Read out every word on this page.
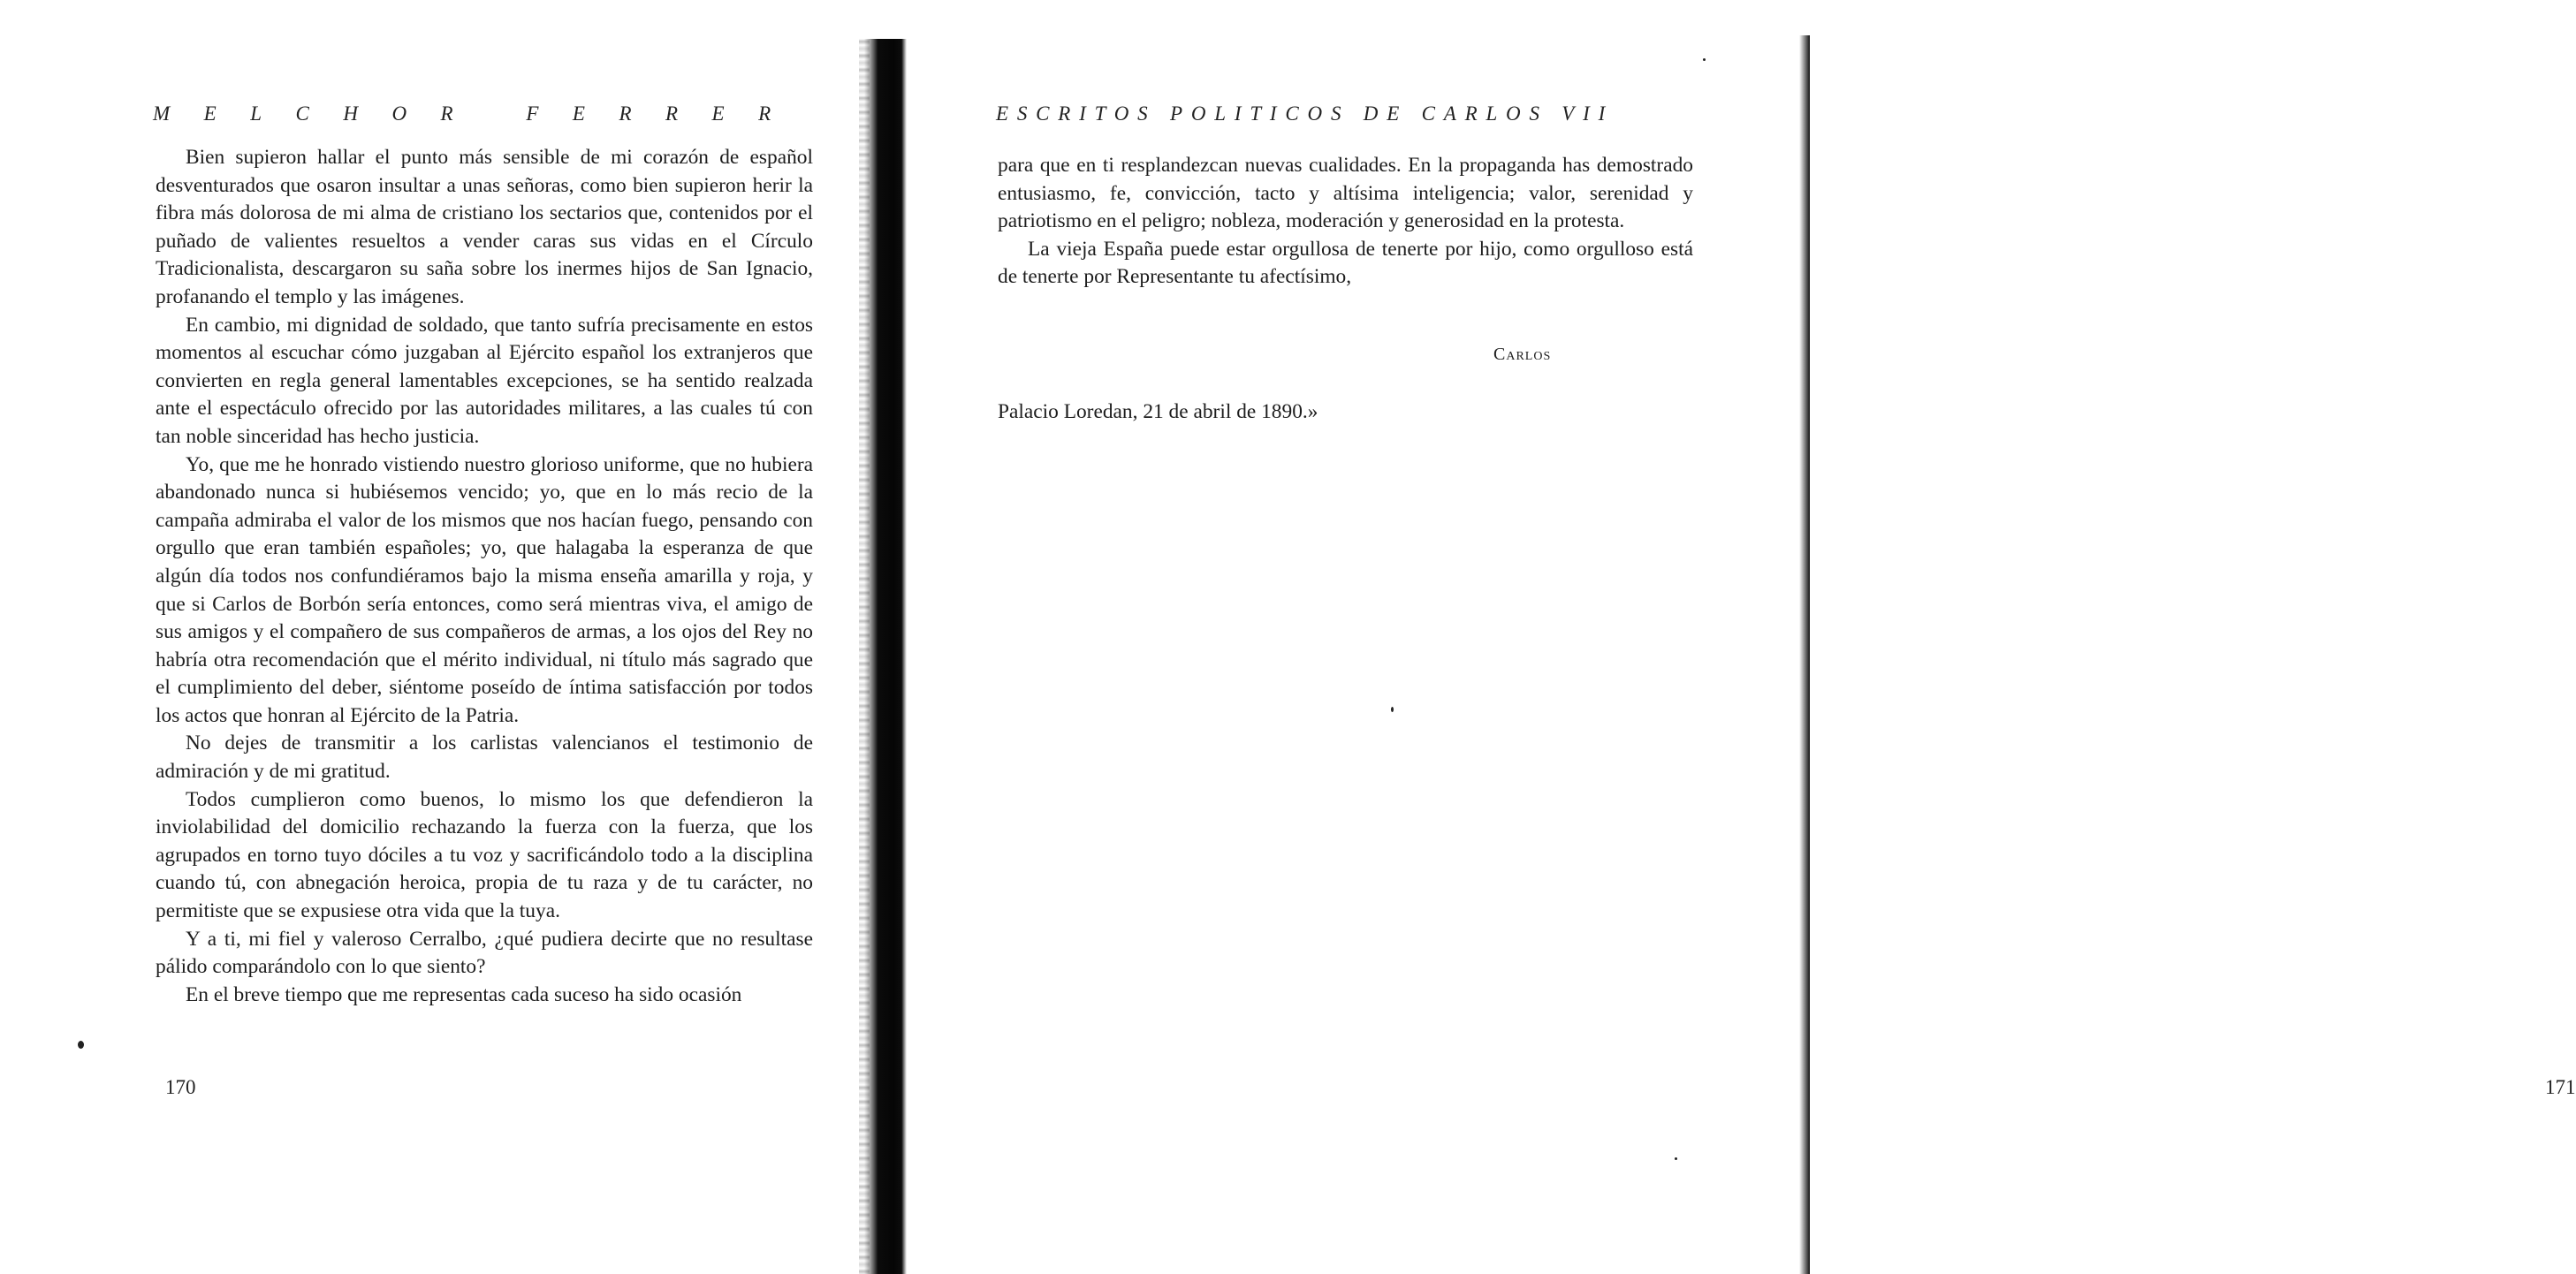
MELCHOR FERRER

Bien supieron hallar el punto más sensible de mi corazón de español desventurados que osaron insultar a unas señoras, como bien supieron herir la fibra más dolorosa de mi alma de cristiano los sectarios que, contenidos por el puñado de valientes resueltos a vender caras sus vidas en el Círculo Tradicionalista, descargaron su saña sobre los inermes hijos de San Ignacio, profanando el templo y las imágenes.

En cambio, mi dignidad de soldado, que tanto sufría precisamente en estos momentos al escuchar cómo juzgaban al Ejército español los extranjeros que convierten en regla general lamentables excepciones, se ha sentido realzada ante el espectáculo ofrecido por las autoridades militares, a las cuales tú con tan noble sinceridad has hecho justicia.

Yo, que me he honrado vistiendo nuestro glorioso uniforme, que no hubiera abandonado nunca si hubiésemos vencido; yo, que en lo más recio de la campaña admiraba el valor de los mismos que nos hacían fuego, pensando con orgullo que eran también españoles; yo, que halagaba la esperanza de que algún día todos nos confundiéramos bajo la misma enseña amarilla y roja, y que si Carlos de Borbón sería entonces, como será mientras viva, el amigo de sus amigos y el compañero de sus compañeros de armas, a los ojos del Rey no habría otra recomendación que el mérito individual, ni título más sagrado que el cumplimiento del deber, siéntome poseído de íntima satisfacción por todos los actos que honran al Ejército de la Patria.

No dejes de transmitir a los carlistas valencianos el testimonio de admiración y de mi gratitud.

Todos cumplieron como buenos, lo mismo los que defendieron la inviolabilidad del domicilio rechazando la fuerza con la fuerza, que los agrupados en torno tuyo dóciles a tu voz y sacrificándolo todo a la disciplina cuando tú, con abnegación heroica, propia de tu raza y de tu carácter, no permitiste que se expusiese otra vida que la tuya.

Y a ti, mi fiel y valeroso Cerralbo, ¿qué pudiera decirte que no resultase pálido comparándolo con lo que siento?

En el breve tiempo que me representas cada suceso ha sido ocasión

170
ESCRITOS POLITICOS DE CARLOS VII

para que en ti resplandezcan nuevas cualidades. En la propaganda has demostrado entusiasmo, fe, convicción, tacto y altísima inteligencia; valor, serenidad y patriotismo en el peligro; nobleza, moderación y generosidad en la protesta.

La vieja España puede estar orgullosa de tenerte por hijo, como orgulloso está de tenerte por Representante tu afectísimo,

171
Carlos
Palacio Loredan, 21 de abril de 1890.»
